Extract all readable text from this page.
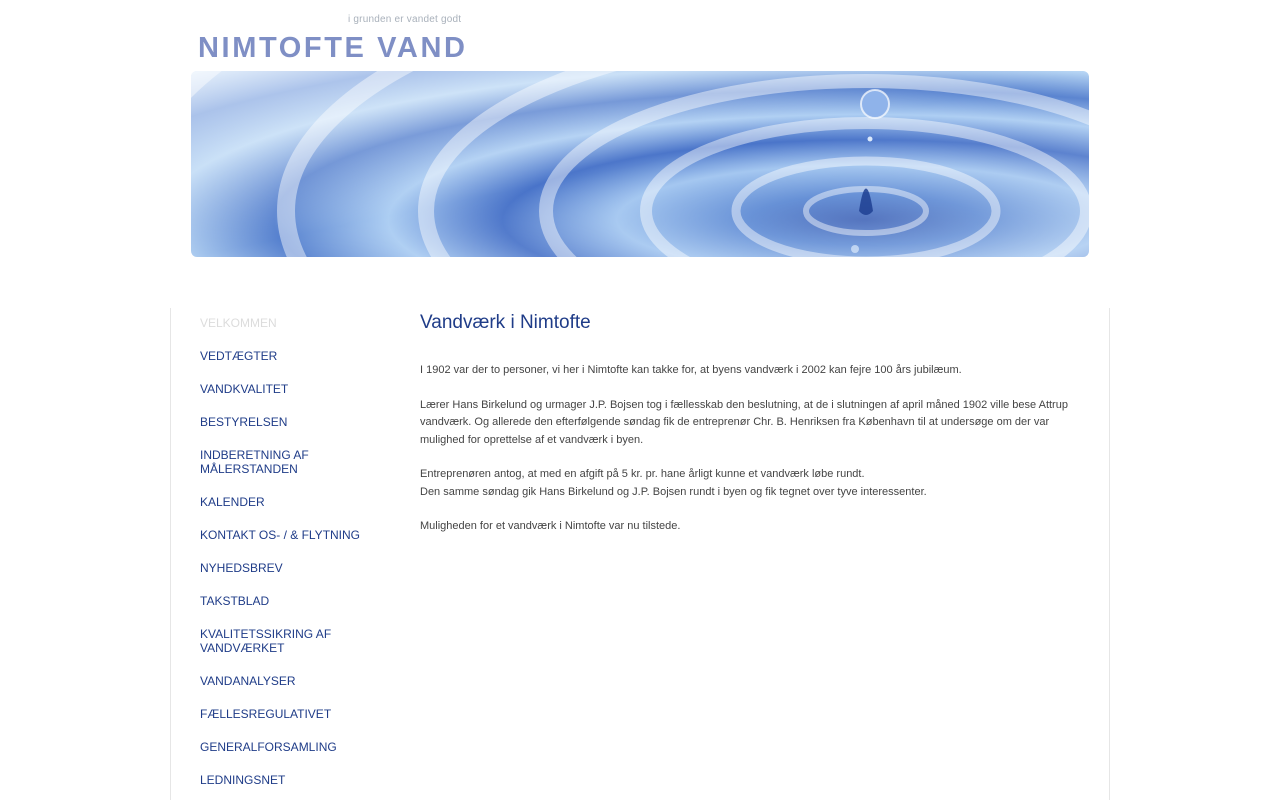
i grunden er vandet godt
NIMTOFTE VAND
VELKOMMEN
VEDTÆGTER
VANDKVALITET
BESTYRELSEN
INDBERETNING AF MÅLERSTANDEN
KALENDER
KONTAKT OS- / & FLYTNING
NYHEDSBREV
TAKSTBLAD
KVALITETSSIKRING AF VANDVÆRKET
VANDANALYSER
FÆLLESREGULATIVET
GENERALFORSAMLING
LEDNINGSNET
Vandværk i Nimtofte

I 1902 var der to personer, vi her i Nimtofte kan takke for, at byens vandværk i 2002 kan fejre 100 års jubilæum.

Lærer Hans Birkelund og urmager J.P. Bojsen tog i fællesskab den beslutning, at de i slutningen af april måned 1902 ville bese Attrup vandværk. Og allerede den efterfølgende søndag fik de entreprenør Chr. B. Henriksen fra København til at undersøge om der var mulighed for oprettelse af et vandværk i byen.

Entreprenøren antog, at med en afgift på 5 kr. pr. hane årligt kunne et vandværk løbe rundt.

Den samme søndag gik Hans Birkelund og J.P. Bojsen rundt i byen og fik tegnet over tyve interessenter.

Muligheden for et vandværk i Nimtofte var nu tilstede.
